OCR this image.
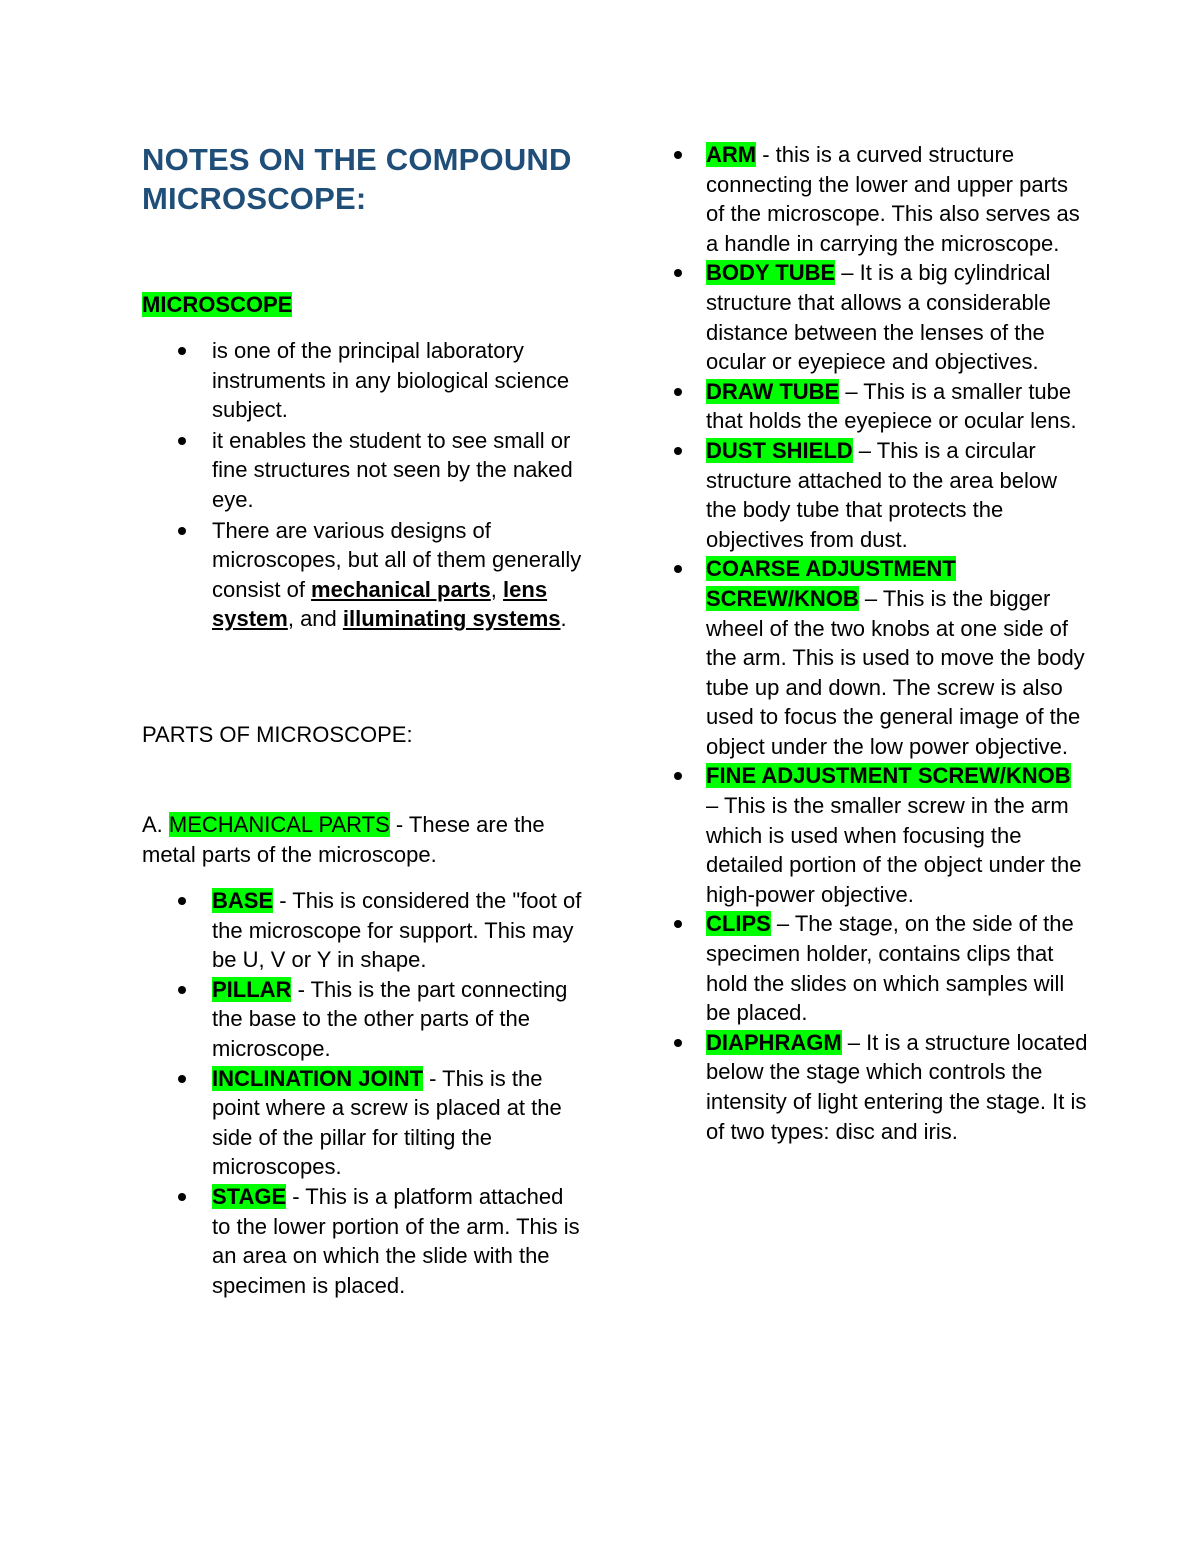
NOTES ON THE COMPOUND MICROSCOPE:

MICROSCOPE

is one of the principal laboratory instruments in any biological science subject.
it enables the student to see small or fine structures not seen by the naked eye.
There are various designs of microscopes, but all of them generally consist of mechanical parts, lens system, and illuminating systems.

PARTS OF MICROSCOPE:

A. MECHANICAL PARTS - These are the metal parts of the microscope.

BASE - This is considered the "foot of the microscope for support. This may be U, V or Y in shape.
PILLAR - This is the part connecting the base to the other parts of the microscope.
INCLINATION JOINT - This is the point where a screw is placed at the side of the pillar for tilting the microscopes.
STAGE - This is a platform attached to the lower portion of the arm. This is an area on which the slide with the specimen is placed.
ARM - this is a curved structure connecting the lower and upper parts of the microscope. This also serves as a handle in carrying the microscope.
BODY TUBE – It is a big cylindrical structure that allows a considerable distance between the lenses of the ocular or eyepiece and objectives.
DRAW TUBE – This is a smaller tube that holds the eyepiece or ocular lens.
DUST SHIELD – This is a circular structure attached to the area below the body tube that protects the objectives from dust.
COARSE ADJUSTMENT SCREW/KNOB – This is the bigger wheel of the two knobs at one side of the arm. This is used to move the body tube up and down. The screw is also used to focus the general image of the object under the low power objective.
FINE ADJUSTMENT SCREW/KNOB – This is the smaller screw in the arm which is used when focusing the detailed portion of the object under the high-power objective.
CLIPS – The stage, on the side of the specimen holder, contains clips that hold the slides on which samples will be placed.
DIAPHRAGM – It is a structure located below the stage which controls the intensity of light entering the stage. It is of two types: disc and iris.
